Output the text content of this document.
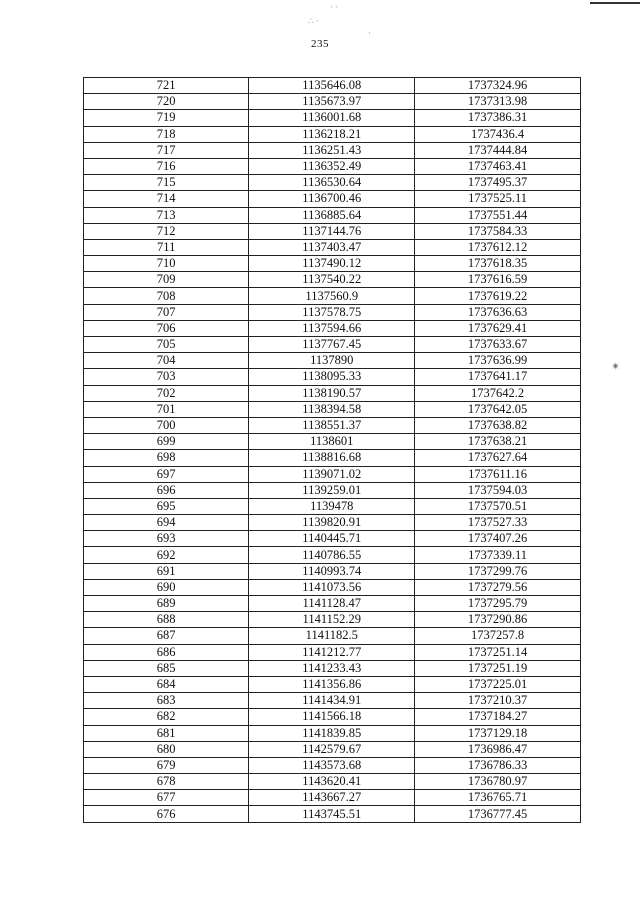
· ·
∴ ·
·
✴
235
721	1135646.08	1737324.96
720	1135673.97	1737313.98
719	1136001.68	1737386.31
718	1136218.21	1737436.4
717	1136251.43	1737444.84
716	1136352.49	1737463.41
715	1136530.64	1737495.37
714	1136700.46	1737525.11
713	1136885.64	1737551.44
712	1137144.76	1737584.33
711	1137403.47	1737612.12
710	1137490.12	1737618.35
709	1137540.22	1737616.59
708	1137560.9	1737619.22
707	1137578.75	1737636.63
706	1137594.66	1737629.41
705	1137767.45	1737633.67
704	1137890	1737636.99
703	1138095.33	1737641.17
702	1138190.57	1737642.2
701	1138394.58	1737642.05
700	1138551.37	1737638.82
699	1138601	1737638.21
698	1138816.68	1737627.64
697	1139071.02	1737611.16
696	1139259.01	1737594.03
695	1139478	1737570.51
694	1139820.91	1737527.33
693	1140445.71	1737407.26
692	1140786.55	1737339.11
691	1140993.74	1737299.76
690	1141073.56	1737279.56
689	1141128.47	1737295.79
688	1141152.29	1737290.86
687	1141182.5	1737257.8
686	1141212.77	1737251.14
685	1141233.43	1737251.19
684	1141356.86	1737225.01
683	1141434.91	1737210.37
682	1141566.18	1737184.27
681	1141839.85	1737129.18
680	1142579.67	1736986.47
679	1143573.68	1736786.33
678	1143620.41	1736780.97
677	1143667.27	1736765.71
676	1143745.51	1736777.45
